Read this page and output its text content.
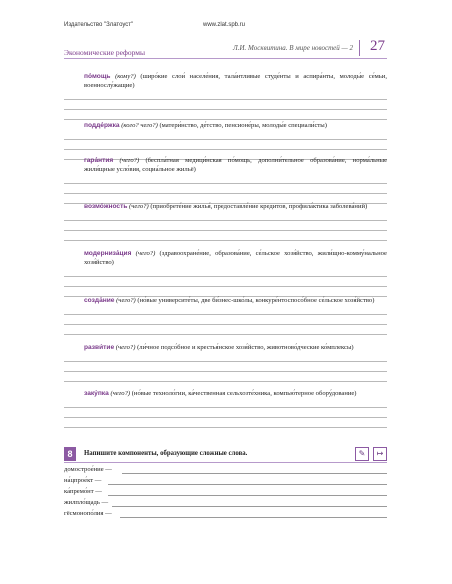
Издательство "Златоуст"	www.zlat.spb.ru
Экономические реформы	Л.И. Москвитина. В мире новостей — 2 27
по́мощь (кому?) (широ́кие слои́ населе́ния, тала́нтливые студе́нты и аспира́нты, молоды́е се́мьи, военнослу́жащие)
подде́ржка (кого? чего?) (матери́нство, де́тство, пенсионе́ры, молоды́е специали́сты)
гара́нтия (чего?) (беспла́тная медици́нская по́мощь, дополни́тельное образова́ние, норма́льные жили́щные усло́вия, социа́льное жильё)
возмо́жность (чего?) (приобрете́ние жилья́, предоставле́ние кредитов, профила́ктика заболева́ний)
модерниза́ция (чего?) (здравоохране́ние, образова́ние, се́льское хозя́йство, жили́щно-комму́нальное хозя́йство)
созда́ние (чего?) (но́вые университе́ты, две би́знес-шко́лы, конкуре́нтоспосо́бное се́льское хозя́йство)
разви́тие (чего?) (ли́чное подсо́бное и крестья́нское хозя́йство, животново́дческие ко́мплексы)
заку́пка (чего?) (но́вые техноло́гии, ка́чественная сельхозте́хника, компью́терное обору́дование)
8	Напишите компоненты, образующие сложные слова.	✎	↦
домострое́ние —
на́цпрое́кт —
ка́премо́нт —
жилпло́щадь —
гёсмонопо́лия —
